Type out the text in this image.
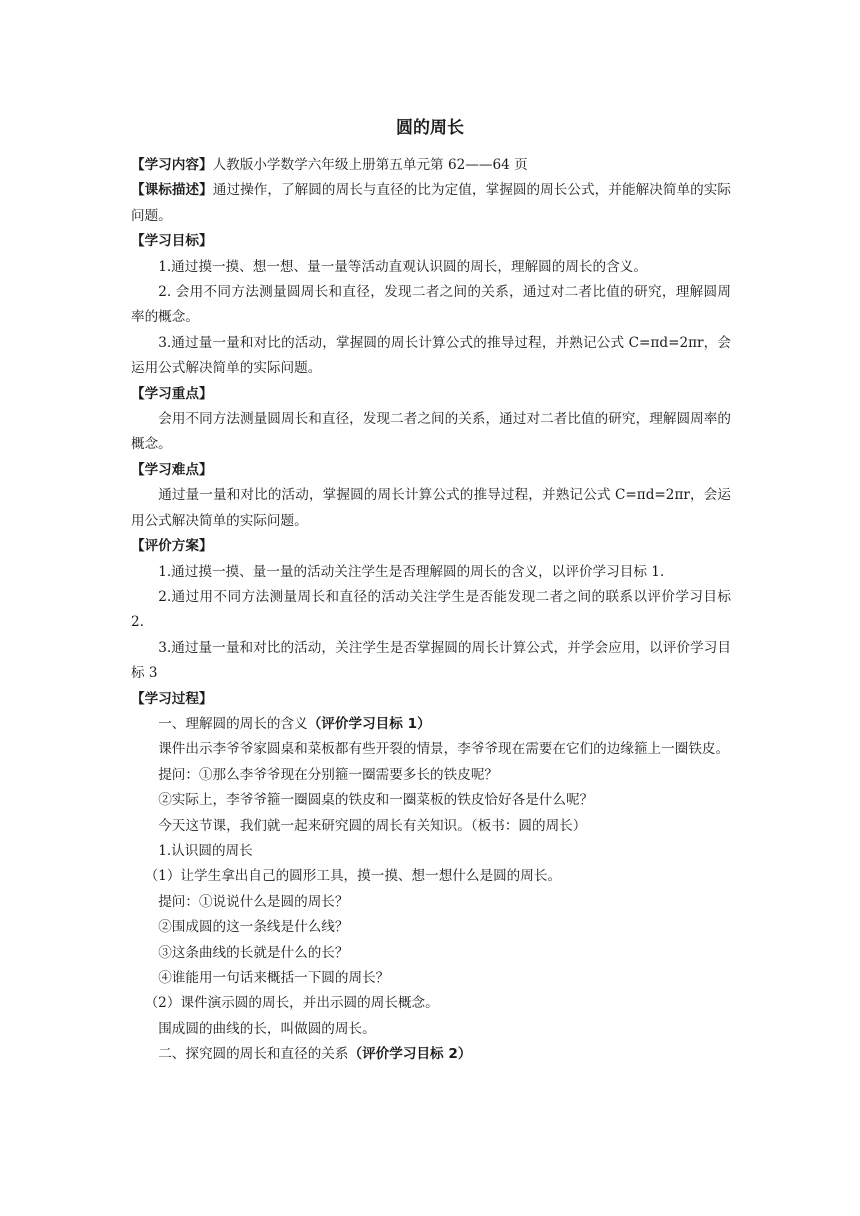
圆的周长

【学习内容】人教版小学数学六年级上册第五单元第 62——64 页

【课标描述】通过操作，了解圆的周长与直径的比为定值，掌握圆的周长公式，并能解决简单的实际问题。

【学习目标】

1.通过摸一摸、想一想、量一量等活动直观认识圆的周长，理解圆的周长的含义。

2. 会用不同方法测量圆周长和直径，发现二者之间的关系，通过对二者比值的研究，理解圆周率的概念。

3.通过量一量和对比的活动，掌握圆的周长计算公式的推导过程，并熟记公式 C=πd=2πr，会运用公式解决简单的实际问题。

【学习重点】

会用不同方法测量圆周长和直径，发现二者之间的关系，通过对二者比值的研究，理解圆周率的概念。

【学习难点】

通过量一量和对比的活动，掌握圆的周长计算公式的推导过程，并熟记公式 C=πd=2πr，会运用公式解决简单的实际问题。

【评价方案】

1.通过摸一摸、量一量的活动关注学生是否理解圆的周长的含义，以评价学习目标 1.

2.通过用不同方法测量周长和直径的活动关注学生是否能发现二者之间的联系以评价学习目标 2.

3.通过量一量和对比的活动，关注学生是否掌握圆的周长计算公式，并学会应用，以评价学习目标 3

【学习过程】

一、理解圆的周长的含义（评价学习目标 1）

课件出示李爷爷家圆桌和菜板都有些开裂的情景，李爷爷现在需要在它们的边缘箍上一圈铁皮。

提问：①那么李爷爷现在分别箍一圈需要多长的铁皮呢？

②实际上，李爷爷箍一圈圆桌的铁皮和一圈菜板的铁皮恰好各是什么呢？

今天这节课，我们就一起来研究圆的周长有关知识。（板书：圆的周长）

1.认识圆的周长

（1）让学生拿出自己的圆形工具，摸一摸、想一想什么是圆的周长。

提问：①说说什么是圆的周长？

②围成圆的这一条线是什么线？

③这条曲线的长就是什么的长？

④谁能用一句话来概括一下圆的周长？

（2）课件演示圆的周长，并出示圆的周长概念。

围成圆的曲线的长，叫做圆的周长。

二、探究圆的周长和直径的关系（评价学习目标 2）
